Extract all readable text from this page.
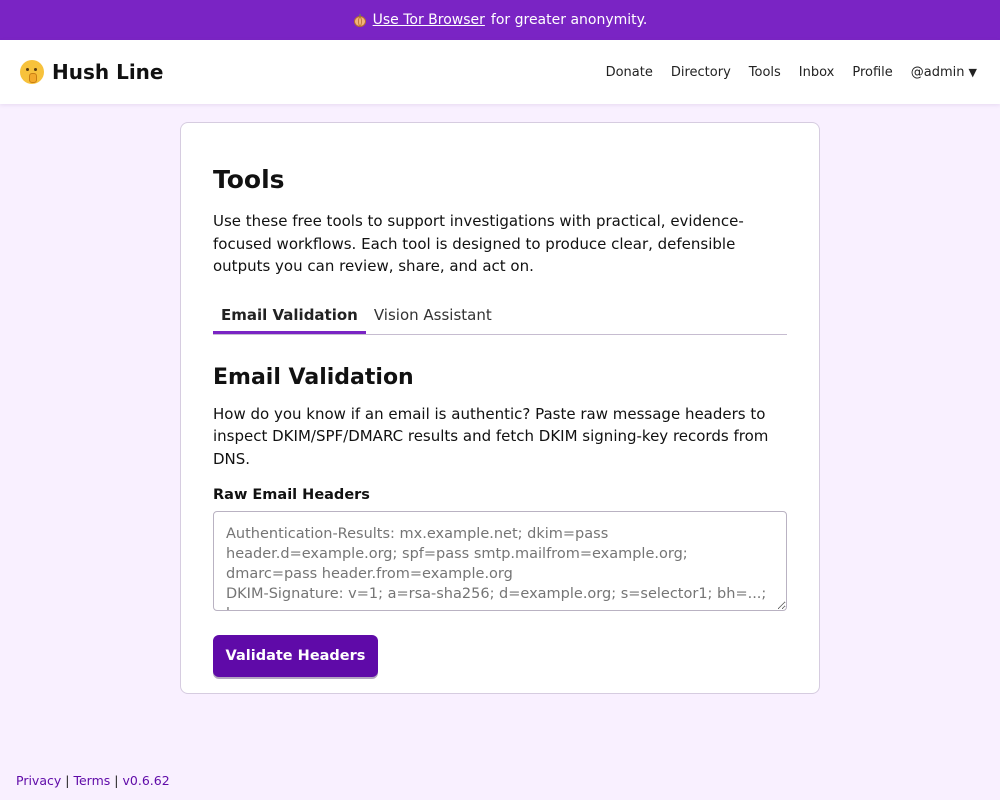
Use Tor Browser for greater anonymity.
Hush Line	Donate Directory Tools Inbox Profile @admin ▼
Tools

Use these free tools to support investigations with practical, evidence-focused workflows. Each tool is designed to produce clear, defensible outputs you can review, share, and act on.

Email Validation	Vision Assistant
Email Validation

How do you know if an email is authentic? Paste raw message headers to inspect DKIM/SPF/DMARC results and fetch DKIM signing-key records from DNS.

Raw Email Headers
Authentication-Results: mx.example.net; dkim=pass header.d=example.org; spf=pass smtp.mailfrom=example.org; dmarc=pass header.from=example.org DKIM-Signature: v=1; a=rsa-sha256; d=example.org; s=selector1; bh=...; b=... From: Reporter <reporter@example.org> Return-Path: <reporter@example.org> Validate Headers
Privacy | Terms | v0.6.62
